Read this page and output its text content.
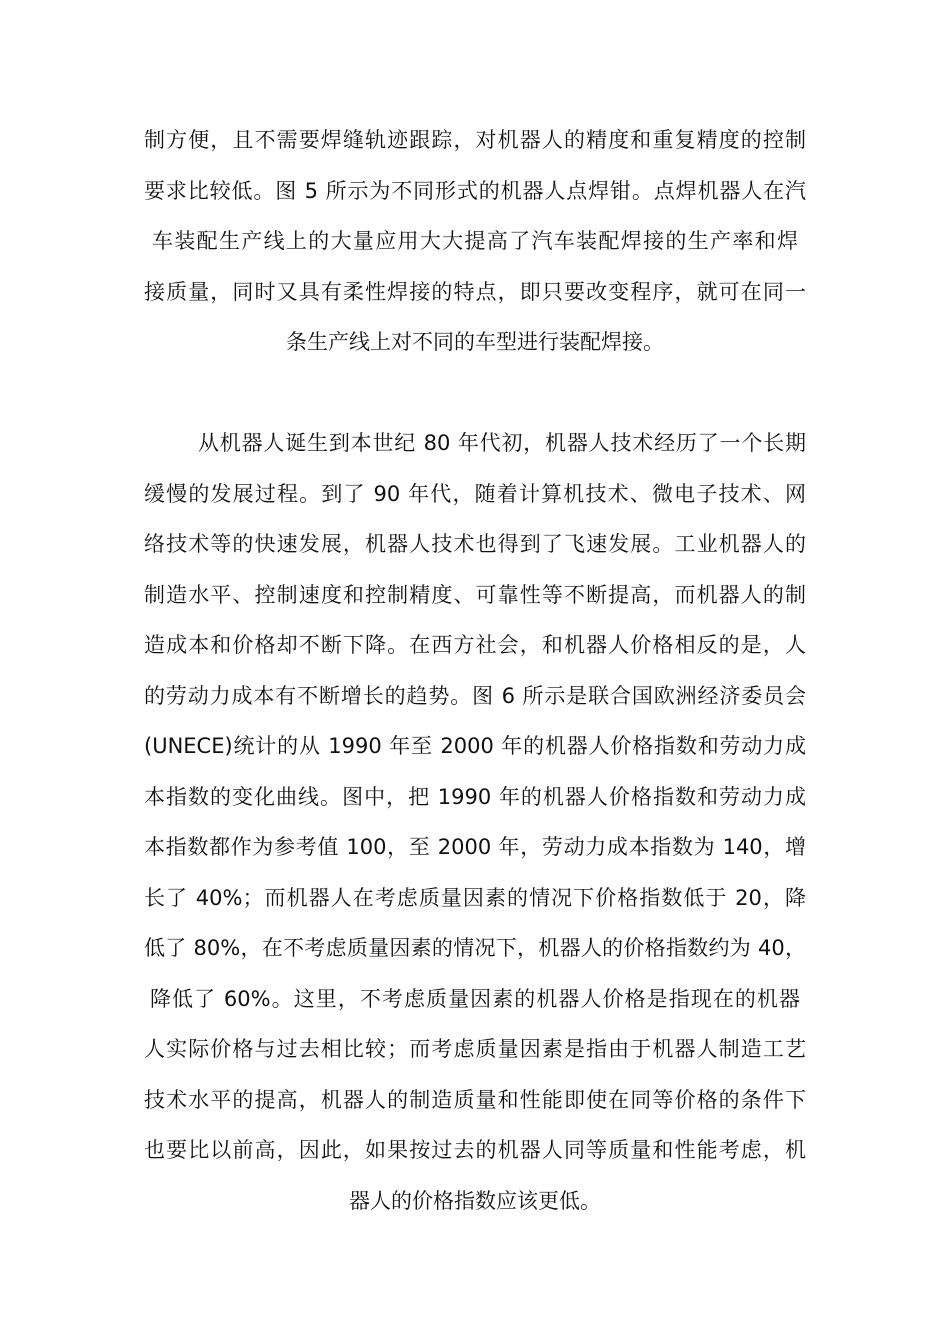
制方便，且不需要焊缝轨迹跟踪，对机器人的精度和重复精度的控制
要求比较低。图 5 所示为不同形式的机器人点焊钳。点焊机器人在汽
车装配生产线上的大量应用大大提高了汽车装配焊接的生产率和焊
接质量，同时又具有柔性焊接的特点，即只要改变程序，就可在同一
条生产线上对不同的车型进行装配焊接。
从机器人诞生到本世纪 80 年代初，机器人技术经历了一个长期
缓慢的发展过程。到了 90 年代，随着计算机技术、微电子技术、网
络技术等的快速发展，机器人技术也得到了飞速发展。工业机器人的
制造水平、控制速度和控制精度、可靠性等不断提高，而机器人的制
造成本和价格却不断下降。在西方社会，和机器人价格相反的是，人
的劳动力成本有不断增长的趋势。图 6 所示是联合国欧洲经济委员会
(UNECE)统计的从 1990 年至 2000 年的机器人价格指数和劳动力成
本指数的变化曲线。图中，把 1990 年的机器人价格指数和劳动力成
本指数都作为参考值 100，至 2000 年，劳动力成本指数为 140，增
长了 40%；而机器人在考虑质量因素的情况下价格指数低于 20，降
低了 80%，在不考虑质量因素的情况下，机器人的价格指数约为 40，
降低了 60%。这里，不考虑质量因素的机器人价格是指现在的机器
人实际价格与过去相比较；而考虑质量因素是指由于机器人制造工艺
技术水平的提高，机器人的制造质量和性能即使在同等价格的条件下
也要比以前高，因此，如果按过去的机器人同等质量和性能考虑，机
器人的价格指数应该更低。
